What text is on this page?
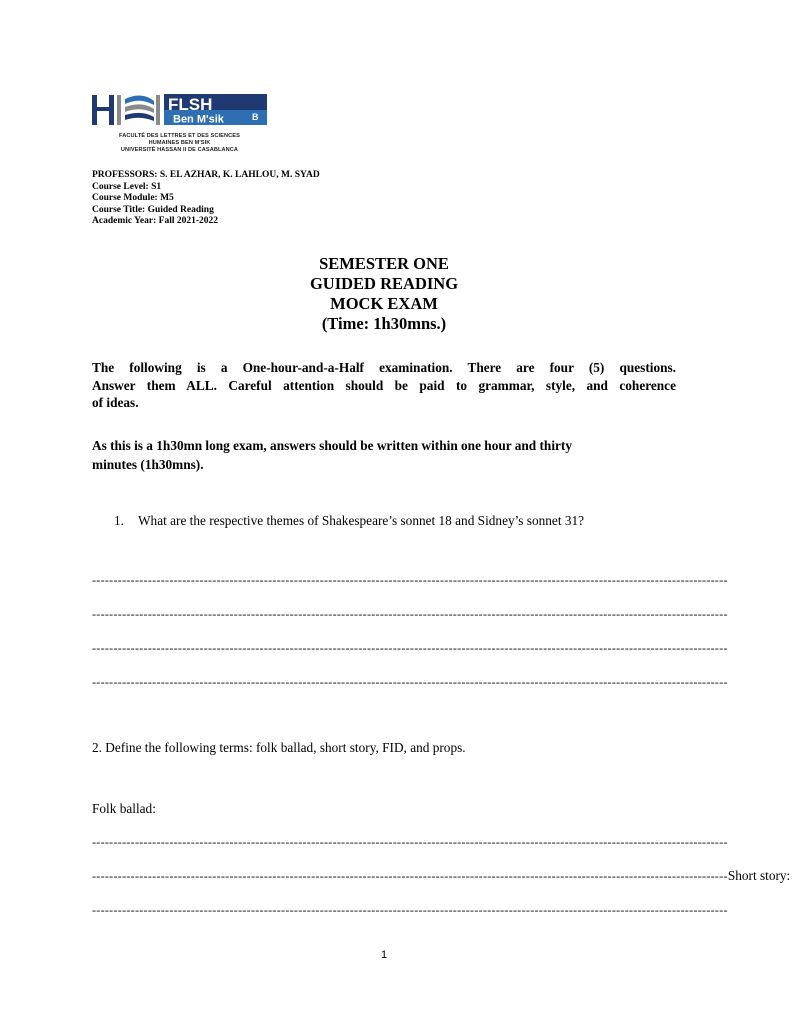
FLSH
B
Ben M'sik
FACULTÉ DES LETTRES ET DES SCIENCES
HUMAINES BEN M'SIK
UNIVERSITÉ HASSAN II DE CASABLANCA
PROFESSORS: S. EL AZHAR, K. LAHLOU, M. SYAD
Course Level: S1
Course Module: M5
Course Title: Guided Reading
Academic Year: Fall 2021-2022
SEMESTER ONE
GUIDED READING
MOCK EXAM
(Time: 1h30mns.)
The following is a One-hour-and-a-Half examination. There are four (5) questions.
Answer them ALL. Careful attention should be paid to grammar, style, and coherence
of ideas.
As this is a 1h30mn long exam, answers should be written within one hour and thirty
minutes (1h30mns).
1. What are the respective themes of Shakespeare’s sonnet 18 and Sidney’s sonnet 31?
----------------------------------------------------------------------------------------------------------------------------------------------------
----------------------------------------------------------------------------------------------------------------------------------------------------
----------------------------------------------------------------------------------------------------------------------------------------------------
----------------------------------------------------------------------------------------------------------------------------------------------------
2. Define the following terms: folk ballad, short story, FID, and props.
Folk ballad:
----------------------------------------------------------------------------------------------------------------------------------------------------
---------------------------------------------------------------------------------------------------------------------------------------------------- Short story:
----------------------------------------------------------------------------------------------------------------------------------------------------
1
